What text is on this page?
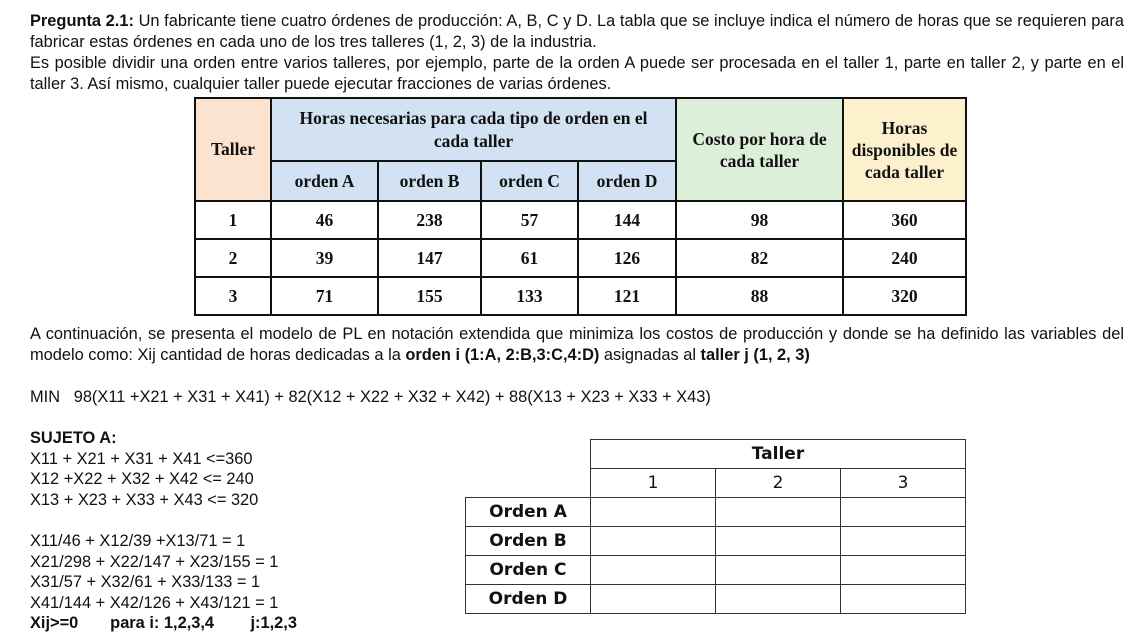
Pregunta 2.1: Un fabricante tiene cuatro órdenes de producción: A, B, C y D. La tabla que se incluye indica el número de horas que se requieren para fabricar estas órdenes en cada uno de los tres talleres (1, 2, 3) de la industria.
Es posible dividir una orden entre varios talleres, por ejemplo, parte de la orden A puede ser procesada en el taller 1, parte en taller 2, y parte en el taller 3. Así mismo, cualquier taller puede ejecutar fracciones de varias órdenes.
Taller	Horas necesarias para cada tipo de orden en el cada taller				Costo por hora de cada taller	Horas disponibles de cada taller
	orden A	orden B	orden C	orden D		
1	46	238	57	144	98	360
2	39	147	61	126	82	240
3	71	155	133	121	88	320
A continuación, se presenta el modelo de PL en notación extendida que minimiza los costos de producción y donde se ha definido las variables del modelo como: Xij cantidad de horas dedicadas a la orden i (1:A, 2:B,3:C,4:D) asignadas al taller j (1, 2, 3)
MIN   98(X11 +X21 + X31 + X41) + 82(X12 + X22 + X32 + X42) + 88(X13 + X23 + X33 + X43)
SUJETO A:
X11 + X21 + X31 + X41 <=360
X12 +X22 + X32 + X42 <= 240
X13 + X23 + X33 + X43 <= 320
X11/46 + X12/39 +X13/71 = 1
X21/298 + X22/147 + X23/155 = 1
X31/57 + X32/61 + X33/133 = 1
X41/144 + X42/126 + X43/121 = 1
Xij>=0       para i: 1,2,3,4        j:1,2,3
	Taller		
	1	2	3
Orden A			
Orden B			
Orden C			
Orden D			
